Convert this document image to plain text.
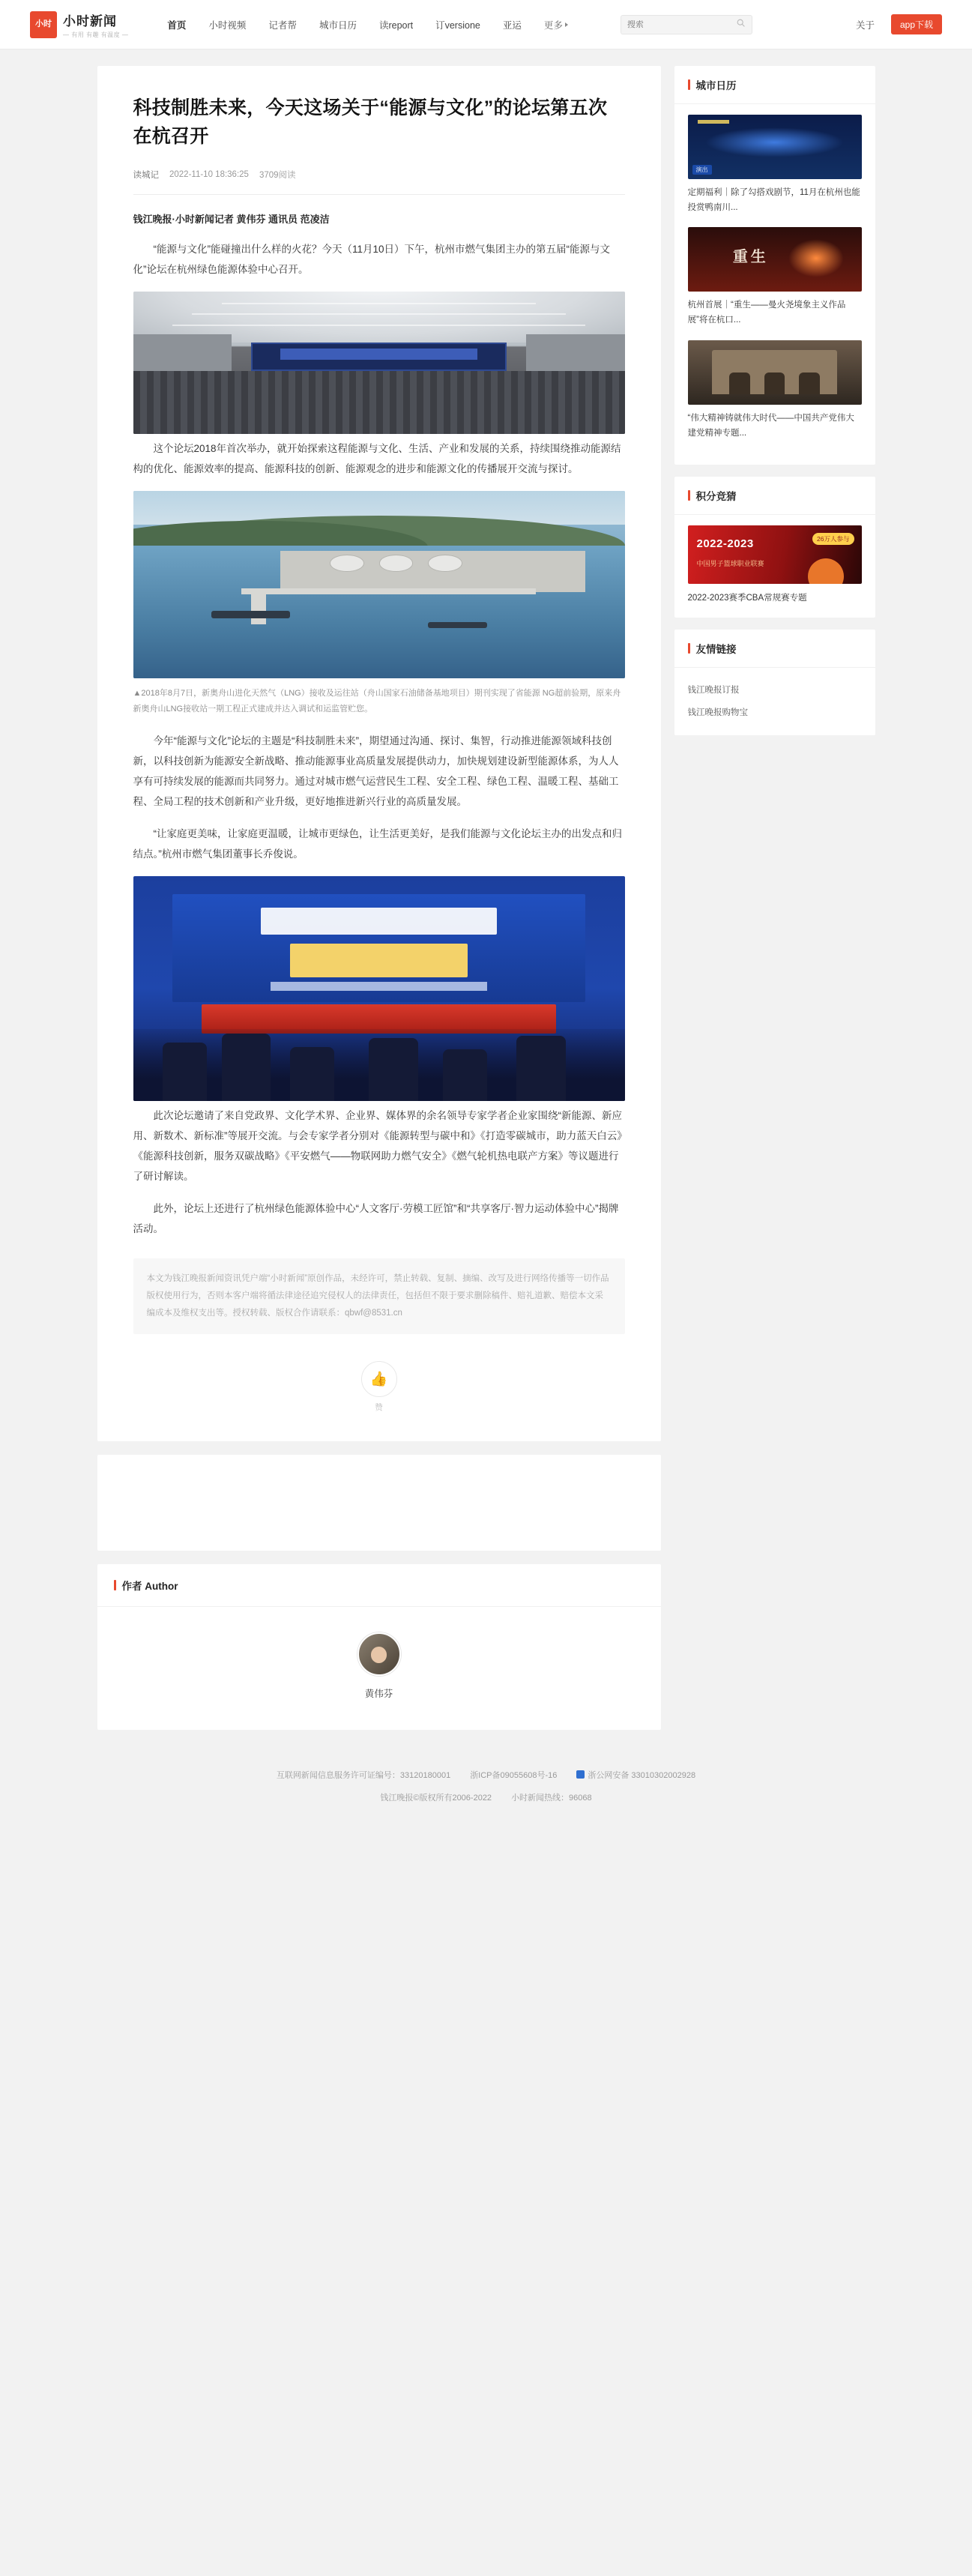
小时 小时新闻
— 有用 有趣 有温度 —
首页 小时视频 记者帮 城市日历 读report 订versione 亚运 更多
搜索	关于	app下载
科技制胜未来，今天这场关于“能源与文化”的论坛第五次在杭召开
读城记 2022-11-10 18:36:25 3709阅读
钱江晚报·小时新闻记者 黄伟芬 通讯员 范凌洁

“能源与文化”能碰撞出什么样的火花？今天（11月10日）下午，杭州市燃气集团主办的第五届“能源与文化”论坛在杭州绿色能源体验中心召开。

这个论坛2018年首次举办，就开始探索这程能源与文化、生活、产业和发展的关系，持续围绕推动能源结构的优化、能源效率的提高、能源科技的创新、能源观念的进步和能源文化的传播展开交流与探讨。

▲2018年8月7日，新奥舟山进化天然气（LNG）接收及运往站（舟山国家石油储备基地项目）期刊实现了省能源 NG超前验期，原来舟新奥舟山LNG接收站一期工程正式建成并达入调试和运监管贮您。

今年“能源与文化”论坛的主题是“科技制胜未来”，期望通过沟通、探讨、集智，行动推进能源领域科技创新，以科技创新为能源安全新战略、推动能源事业高质量发展提供动力，加快规划建设新型能源体系，为人人享有可持续发展的能源而共同努力。通过对城市燃气运营民生工程、安全工程、绿色工程、温暖工程、基础工程、全局工程的技术创新和产业升级，更好地推进新兴行业的高质量发展。

“让家庭更美味，让家庭更温暖，让城市更绿色，让生活更美好，是我们能源与文化论坛主办的出发点和归结点。”杭州市燃气集团董事长乔俊说。

此次论坛邀请了来自党政界、文化学术界、企业界、媒体界的余名领导专家学者企业家围绕“新能源、新应用、新数术、新标准”等展开交流。与会专家学者分别对《能源转型与碳中和》《打造零碳城市，助力蓝天白云》《能源科技创新，服务双碳战略》《平安燃气——物联网助力燃气安全》《燃气轮机热电联产方案》等议题进行了研讨解读。

此外，论坛上还进行了杭州绿色能源体验中心“人文客厅·劳模工匠馆”和“共享客厅·智力运动体验中心”揭牌活动。

本文为钱江晚报新闻资讯凭户端“小时新闻”原创作品，未经许可，禁止转载、复制、摘编、改写及进行网络传播等一切作品版权使用行为，否则本客户端将循法律途径追究侵权人的法律责任，包括但不限于要求删除稿件、赔礼道歉、赔偿本文采编成本及维权支出等。授权转载、版权合作请联系：qbwf@8531.cn
👍
赞
作者 Author
黄伟芬
城市日历
演出
定期福利｜除了勾搭戏剧节，11月在杭州也能投赏鸭南川...
重生
杭州首展｜“重生——曼火尧境象主义作品展”将在杭口...
“伟大精神铸就伟大时代——中国共产党伟大建党精神专题...
积分竞猜
2022-2023
中国男子篮球职业联赛
26万人参与
2022-2023赛季CBA常规赛专题
友情链接
钱江晚报订报
钱江晚报购物宝
互联网新闻信息服务许可证编号：33120180001 浙ICP备09055608号-16	浙公网安备 33010302002928
钱江晚报©版权所有2006-2022 小时新闻热线：96068
